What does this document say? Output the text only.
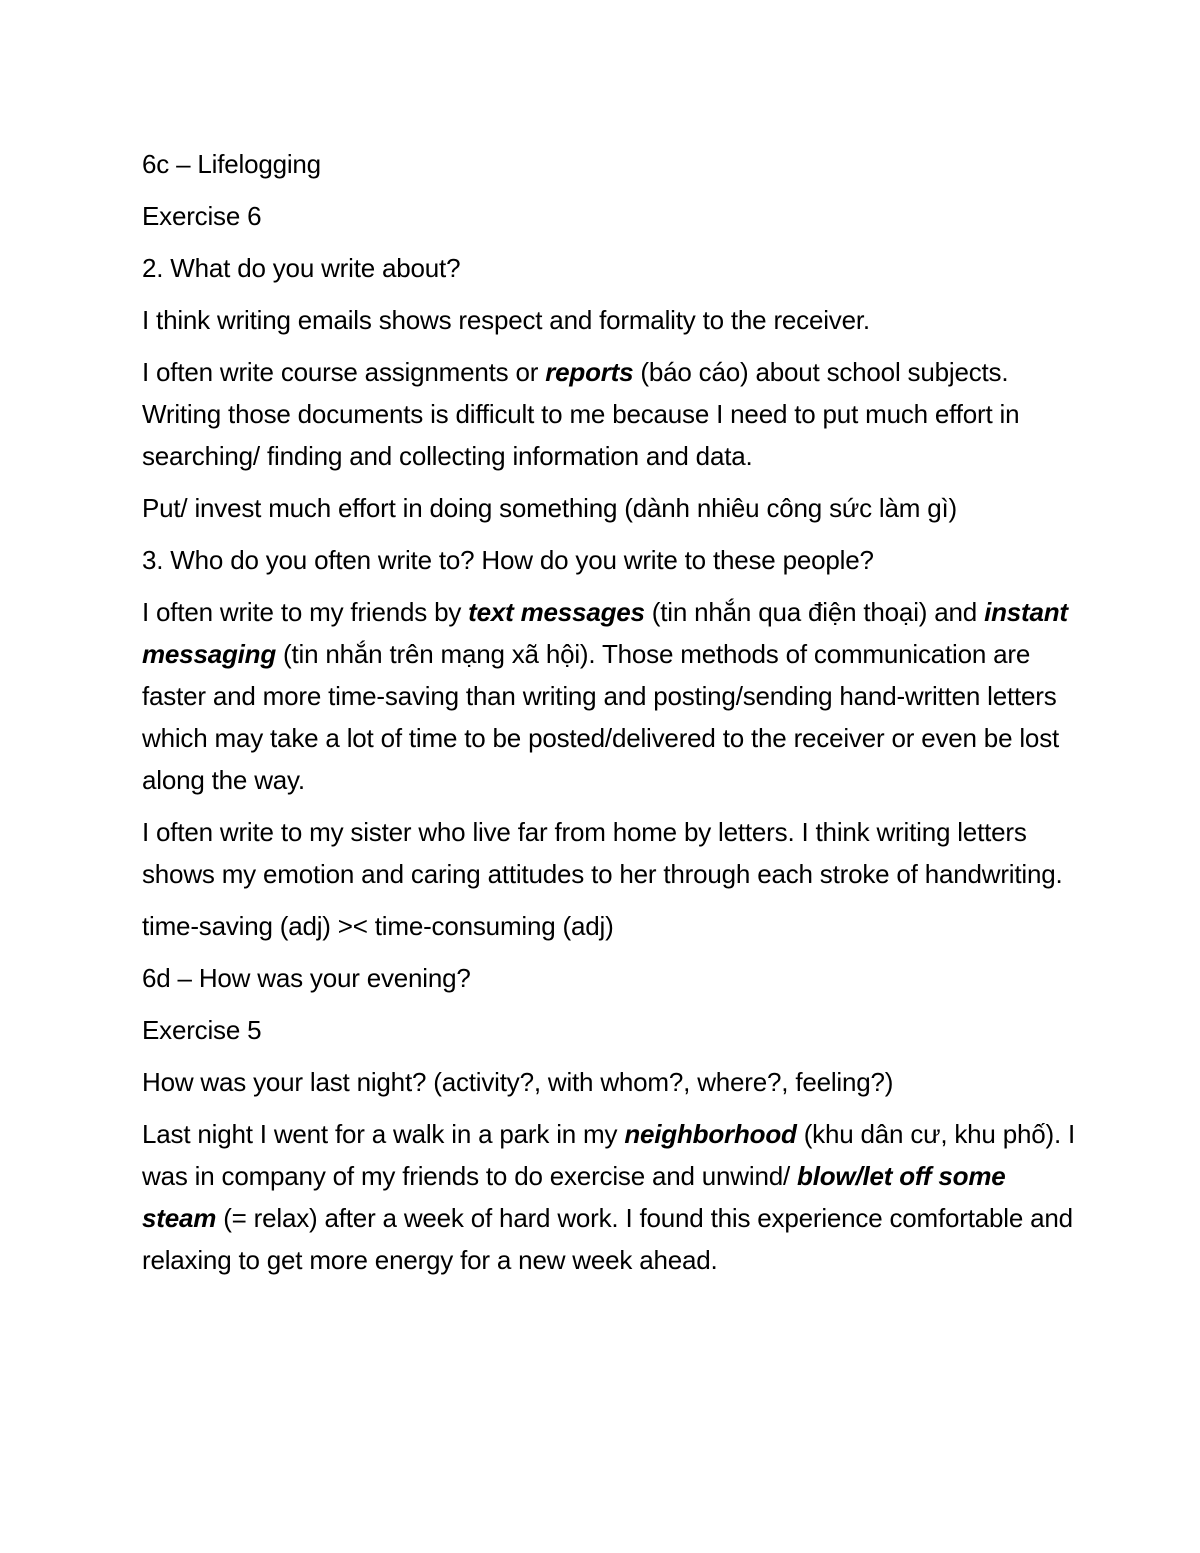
6c – Lifelogging

Exercise 6

2. What do you write about?

I think writing emails shows respect and formality to the receiver.

I often write course assignments or reports (báo cáo) about school subjects. Writing those documents is difficult to me because I need to put much effort in searching/ finding and collecting information and data.

Put/ invest much effort in doing something (dành nhiêu công sức làm gì)

3. Who do you often write to? How do you write to these people?

I often write to my friends by text messages (tin nhắn qua điện thoại) and instant messaging (tin nhắn trên mạng xã hội). Those methods of communication are faster and more time-saving than writing and posting/sending hand-written letters which may take a lot of time to be posted/delivered to the receiver or even be lost along the way.

I often write to my sister who live far from home by letters. I think writing letters shows my emotion and caring attitudes to her through each stroke of handwriting.

time-saving (adj) >< time-consuming (adj)

6d – How was your evening?

Exercise 5

How was your last night? (activity?, with whom?, where?, feeling?)

Last night I went for a walk in a park in my neighborhood (khu dân cư, khu phố). I was in company of my friends to do exercise and unwind/ blow/let off some steam (= relax) after a week of hard work. I found this experience comfortable and relaxing to get more energy for a new week ahead.
